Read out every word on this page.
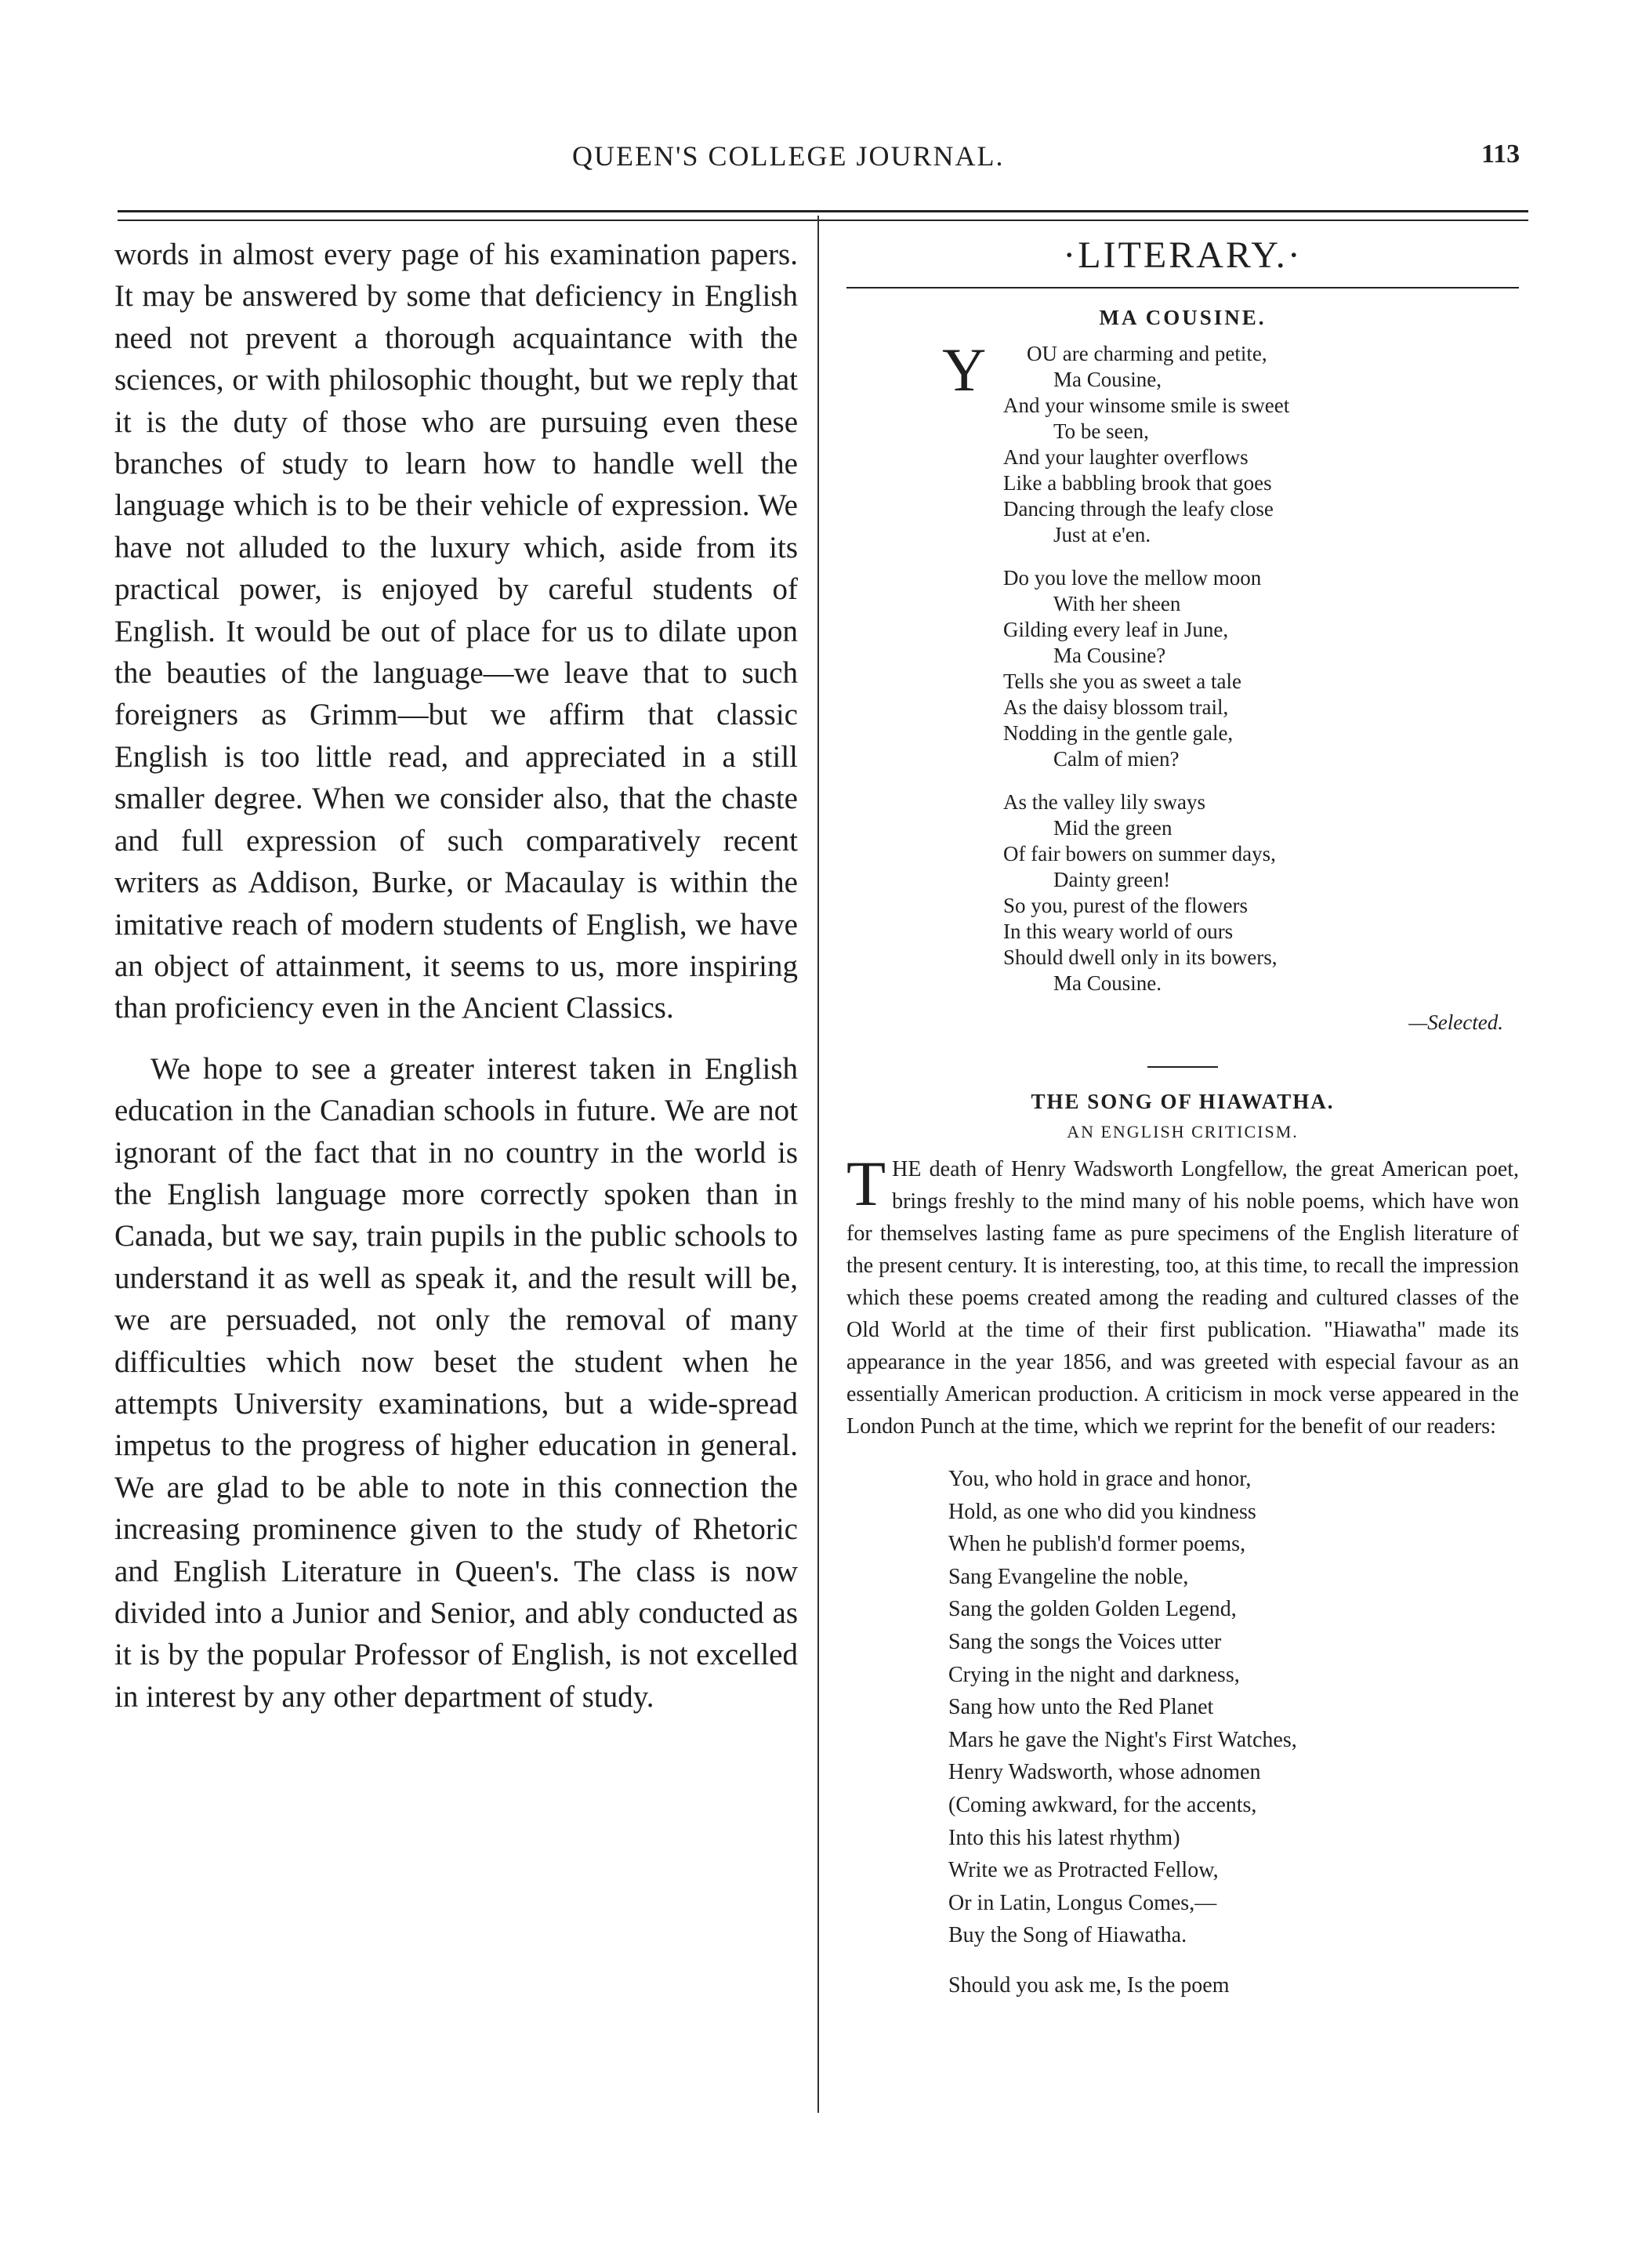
QUEEN'S COLLEGE JOURNAL.	113

words in almost every page of his examination papers. It may be answered by some that deficiency in English need not prevent a thorough acquaintance with the sciences, or with philosophic thought, but we reply that it is the duty of those who are pursuing even these branches of study to learn how to handle well the language which is to be their vehicle of expression. We have not alluded to the luxury which, aside from its practical power, is enjoyed by careful students of English. It would be out of place for us to dilate upon the beauties of the language—we leave that to such foreigners as Grimm—but we affirm that classic English is too little read, and appreciated in a still smaller degree. When we consider also, that the chaste and full expression of such comparatively recent writers as Addison, Burke, or Macaulay is within the imitative reach of modern students of English, we have an object of attainment, it seems to us, more inspiring than proficiency even in the Ancient Classics.

We hope to see a greater interest taken in English education in the Canadian schools in future. We are not ignorant of the fact that in no country in the world is the English language more correctly spoken than in Canada, but we say, train pupils in the public schools to understand it as well as speak it, and the result will be, we are persuaded, not only the removal of many difficulties which now beset the student when he attempts University examinations, but a wide-spread impetus to the progress of higher education in general. We are glad to be able to note in this connection the increasing prominence given to the study of Rhetoric and English Literature in Queen's. The class is now divided into a Junior and Senior, and ably conducted as it is by the popular Professor of English, is not excelled in interest by any other department of study.

·LITERARY.·
MA COUSINE.
Y	OU are charming and petite,
Ma Cousine,
And your winsome smile is sweet
To be seen,
And your laughter overflows
Like a babbling brook that goes
Dancing through the leafy close
Just at e'en.
Do you love the mellow moon
With her sheen
Gilding every leaf in June,
Ma Cousine?
Tells she you as sweet a tale
As the daisy blossom trail,
Nodding in the gentle gale,
Calm of mien?
As the valley lily sways
Mid the green
Of fair bowers on summer days,
Dainty green!
So you, purest of the flowers
In this weary world of ours
Should dwell only in its bowers,
Ma Cousine.
—Selected.
THE SONG OF HIAWATHA.
AN ENGLISH CRITICISM.
T HE death of Henry Wadsworth Longfellow, the great American poet, brings freshly to the mind many of his noble poems, which have won for themselves lasting fame as pure specimens of the English literature of the present century. It is interesting, too, at this time, to recall the impression which these poems created among the reading and cultured classes of the Old World at the time of their first publication. "Hiawatha" made its appearance in the year 1856, and was greeted with especial favour as an essentially American production. A criticism in mock verse appeared in the London Punch at the time, which we reprint for the benefit of our readers:
You, who hold in grace and honor,
Hold, as one who did you kindness
When he publish'd former poems,
Sang Evangeline the noble,
Sang the golden Golden Legend,
Sang the songs the Voices utter
Crying in the night and darkness,
Sang how unto the Red Planet
Mars he gave the Night's First Watches,
Henry Wadsworth, whose adnomen
(Coming awkward, for the accents,
Into this his latest rhythm)
Write we as Protracted Fellow,
Or in Latin, Longus Comes,—
Buy the Song of Hiawatha.
Should you ask me, Is the poem
